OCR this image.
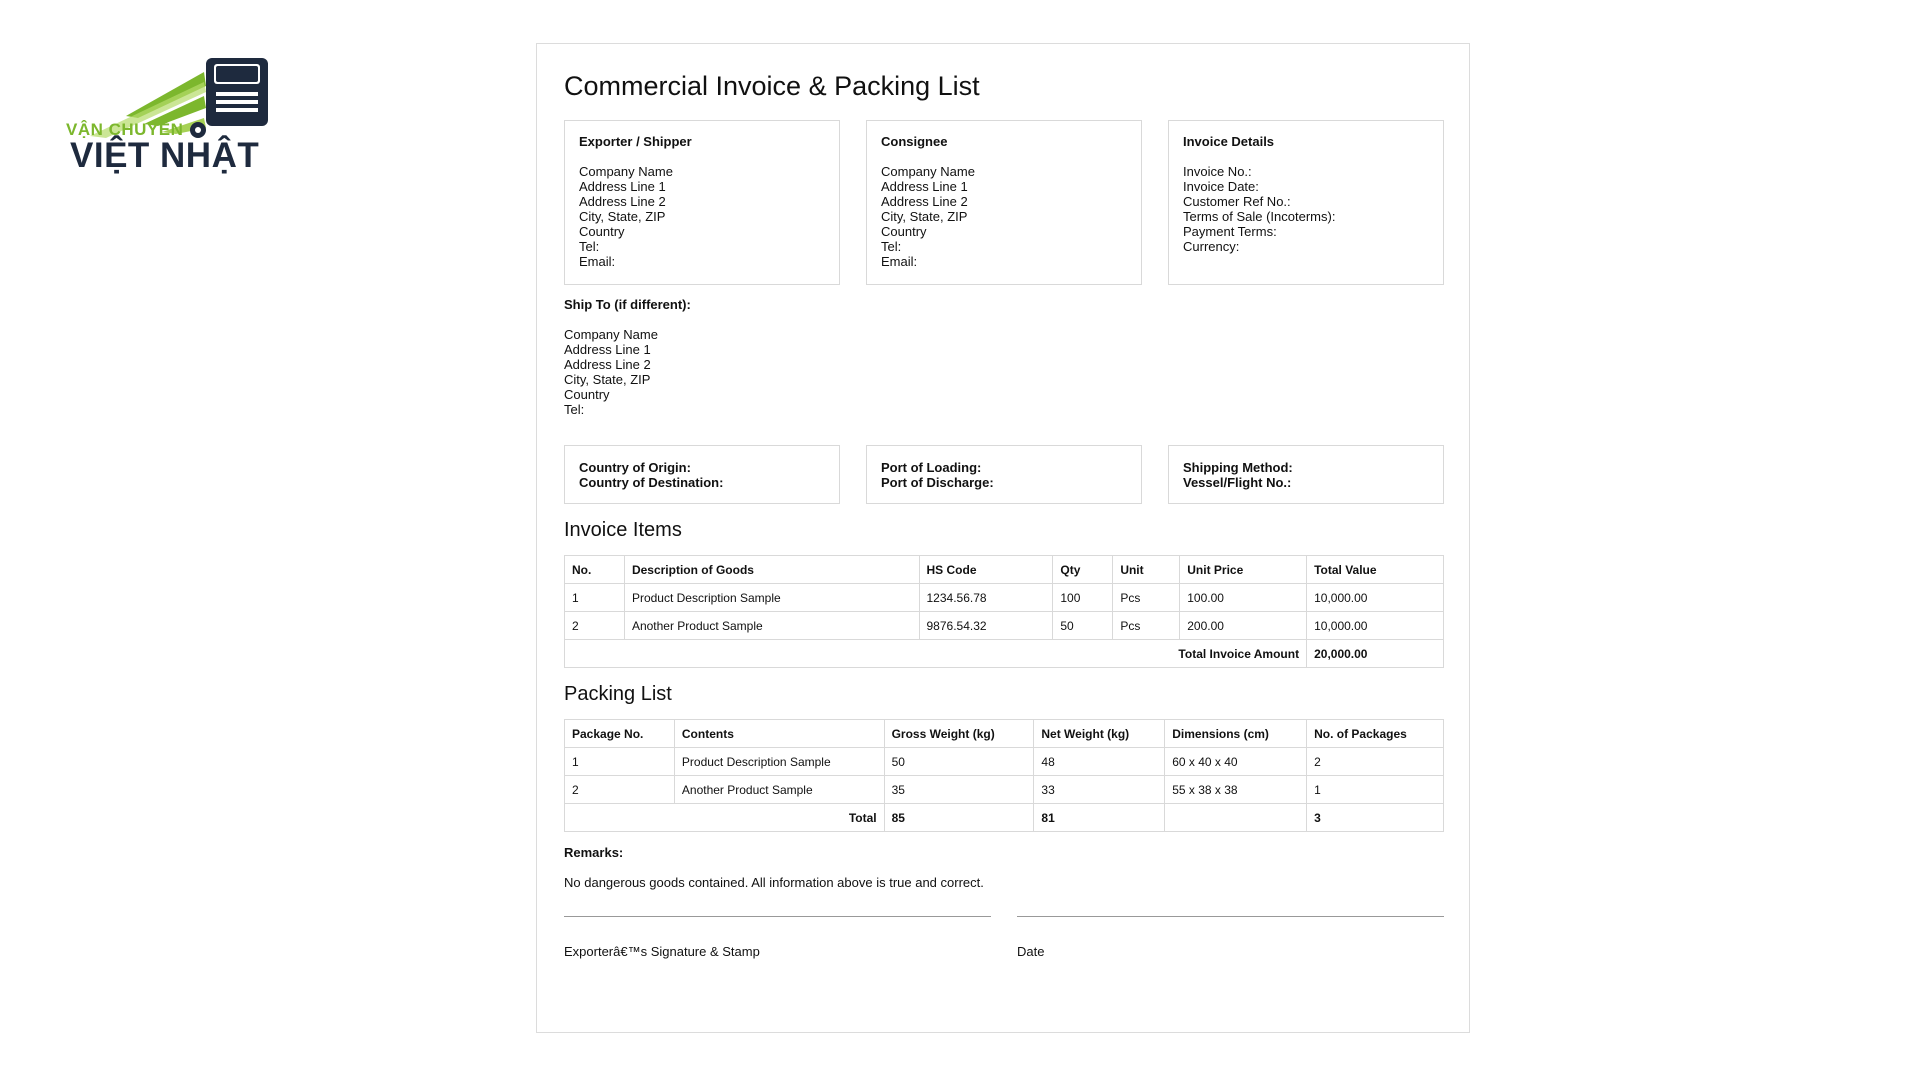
VẬN CHUYỂN
VIỆT NHẬT
Commercial Invoice & Packing List
Exporter / Shipper
Company Name
Address Line 1
Address Line 2
City, State, ZIP
Country
Tel:
Email:
Consignee
Company Name
Address Line 1
Address Line 2
City, State, ZIP
Country
Tel:
Email:
Invoice Details
Invoice No.:
Invoice Date:
Customer Ref No.:
Terms of Sale (Incoterms):
Payment Terms:
Currency:
Ship To (if different):
Company Name
Address Line 1
Address Line 2
City, State, ZIP
Country
Tel:
Country of Origin:
Country of Destination:
Port of Loading:
Port of Discharge:
Shipping Method:
Vessel/Flight No.:
Invoice Items
No.	Description of Goods	HS Code	Qty	Unit	Unit Price	Total Value
1	Product Description Sample	1234.56.78	100	Pcs	100.00	10,000.00
2	Another Product Sample	9876.54.32	50	Pcs	200.00	10,000.00
Total Invoice Amount						20,000.00
Packing List
Package No.	Contents	Gross Weight (kg)	Net Weight (kg)	Dimensions (cm)	No. of Packages
1	Product Description Sample	50	48	60 x 40 x 40	2
2	Another Product Sample	35	33	55 x 38 x 38	1
Total		85	81		3
Remarks:
No dangerous goods contained. All information above is true and correct.
Exporterâ€™s Signature & Stamp	Date
